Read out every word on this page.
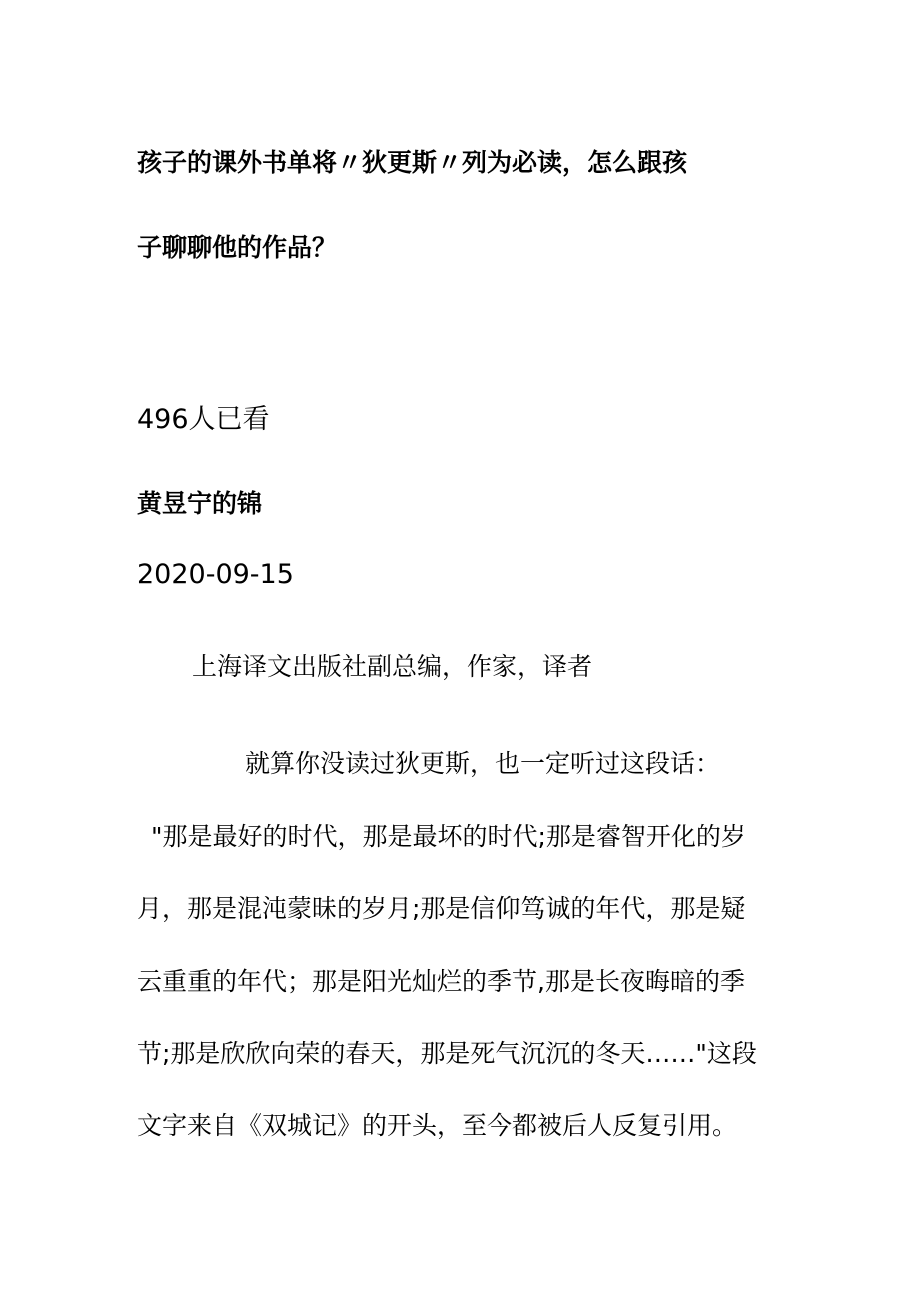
孩子的课外书单将〃狄更斯〃列为必读，怎么跟孩
子聊聊他的作品？
496人已看
黄昱宁的锦
2020-09-15
上海译文出版社副总编，作家，译者
就算你没读过狄更斯，也一定听过这段话：
"那是最好的时代，那是最坏的时代;那是睿智开化的岁
月，那是混沌蒙昧的岁月;那是信仰笃诚的年代，那是疑
云重重的年代；那是阳光灿烂的季节,那是长夜晦暗的季
节;那是欣欣向荣的春天，那是死气沉沉的冬天……"这段
文字来自《双城记》的开头，至今都被后人反复引用。
